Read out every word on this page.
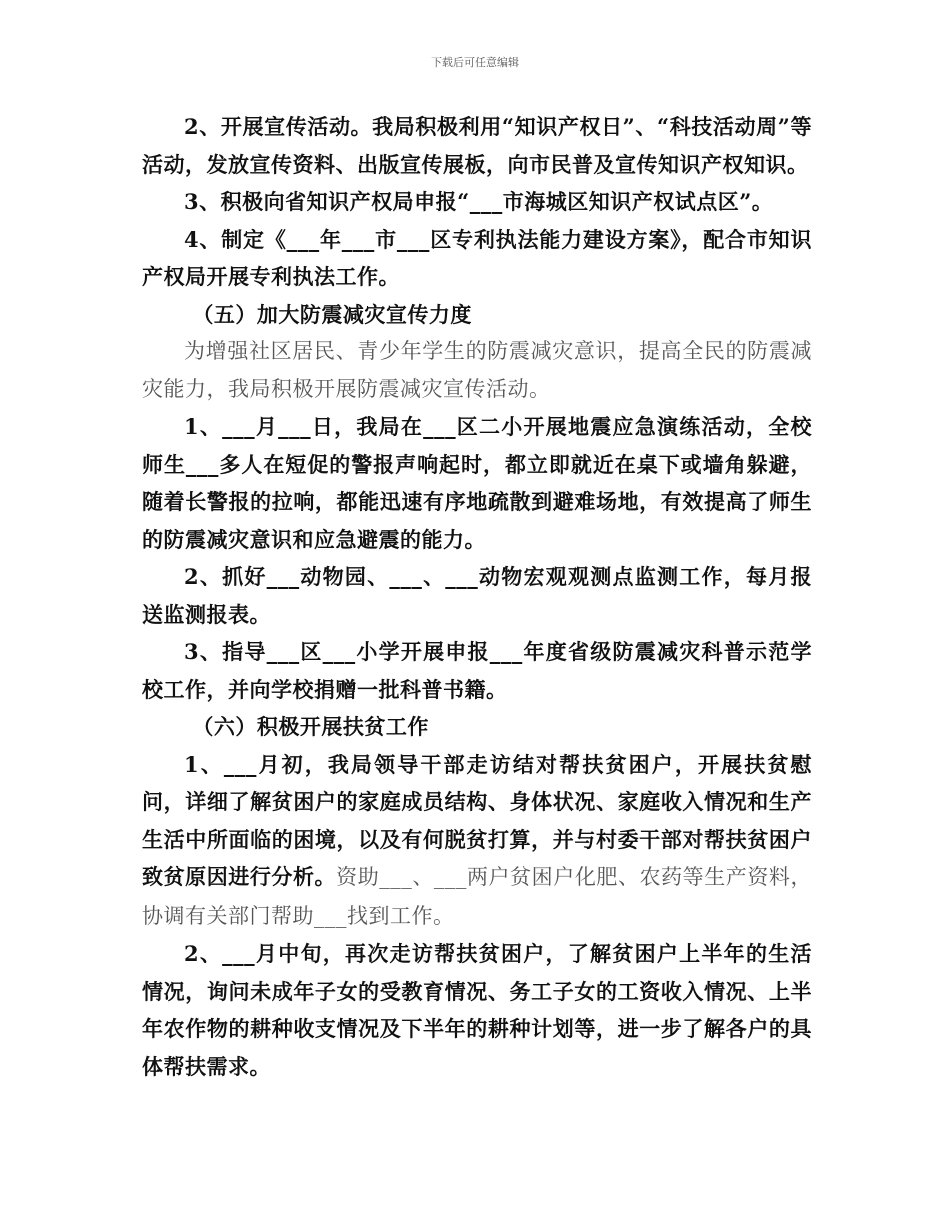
下载后可任意编辑

2、开展宣传活动。我局积极利用“知识产权日”、“科技活动周”等活动，发放宣传资料、出版宣传展板，向市民普及宣传知识产权知识。

3、积极向省知识产权局申报“___市海城区知识产权试点区”。

4、制定《___年___市___区专利执法能力建设方案》，配合市知识产权局开展专利执法工作。

（五）加大防震减灾宣传力度

为增强社区居民、青少年学生的防震减灾意识，提高全民的防震减灾能力，我局积极开展防震减灾宣传活动。

1、___月___日，我局在___区二小开展地震应急演练活动，全校师生___多人在短促的警报声响起时，都立即就近在桌下或墙角躲避，随着长警报的拉响，都能迅速有序地疏散到避难场地，有效提高了师生的防震减灾意识和应急避震的能力。

2、抓好___动物园、___、___动物宏观观测点监测工作，每月报送监测报表。

3、指导___区___小学开展申报___年度省级防震减灾科普示范学校工作，并向学校捐赠一批科普书籍。

（六）积极开展扶贫工作

1、___月初，我局领导干部走访结对帮扶贫困户，开展扶贫慰问，详细了解贫困户的家庭成员结构、身体状况、家庭收入情况和生产生活中所面临的困境，以及有何脱贫打算，并与村委干部对帮扶贫困户致贫原因进行分析。资助___、___两户贫困户化肥、农药等生产资料，协调有关部门帮助___找到工作。

2、___月中旬，再次走访帮扶贫困户，了解贫困户上半年的生活情况，询问未成年子女的受教育情况、务工子女的工资收入情况、上半年农作物的耕种收支情况及下半年的耕种计划等，进一步了解各户的具体帮扶需求。
